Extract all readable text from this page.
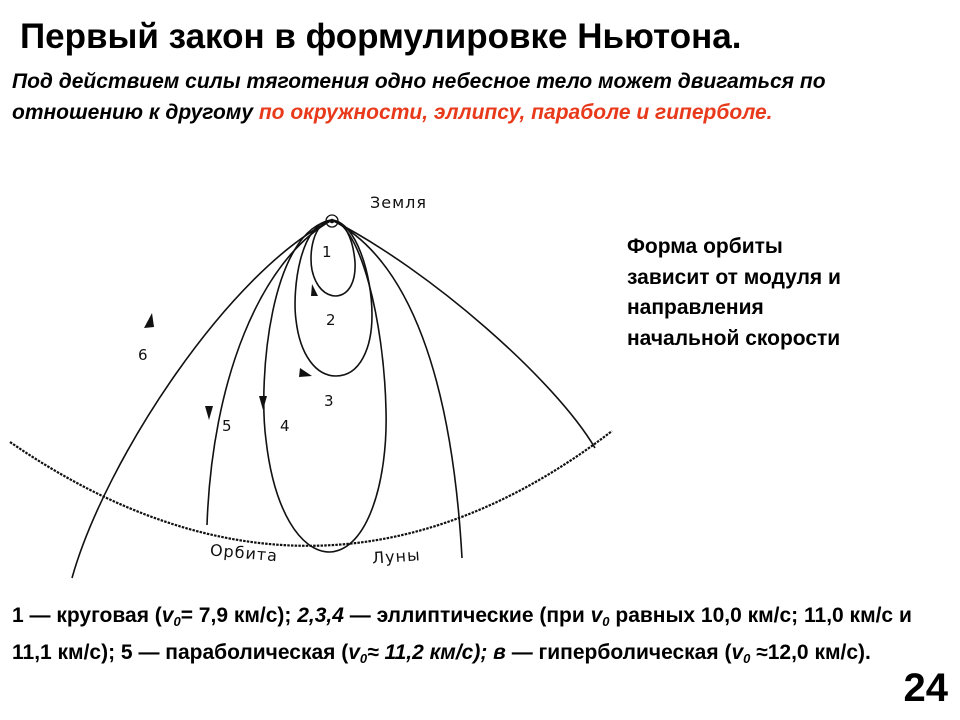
Первый закон в формулировке Ньютона.
Под действием силы тяготения одно небесное тело может двигаться по отношению к другому по окружности, эллипсу, параболе и гиперболе.
Земля
1
2
3
4
5
6
Орбита	Луны
Форма орбиты
зависит от модуля и
направления
начальной скорости
1 — круговая ($v_0= 7,9$ км/с); 2,3,4 — эллиптические (при $v_0$ равных 10,0 км/с; 11,0 км/с и 11,1 км/с); 5 — параболическая ($v_0\approx 11,2$ км/с); в — гиперболическая ($v_0 \approx 12,0$ км/с).
24
